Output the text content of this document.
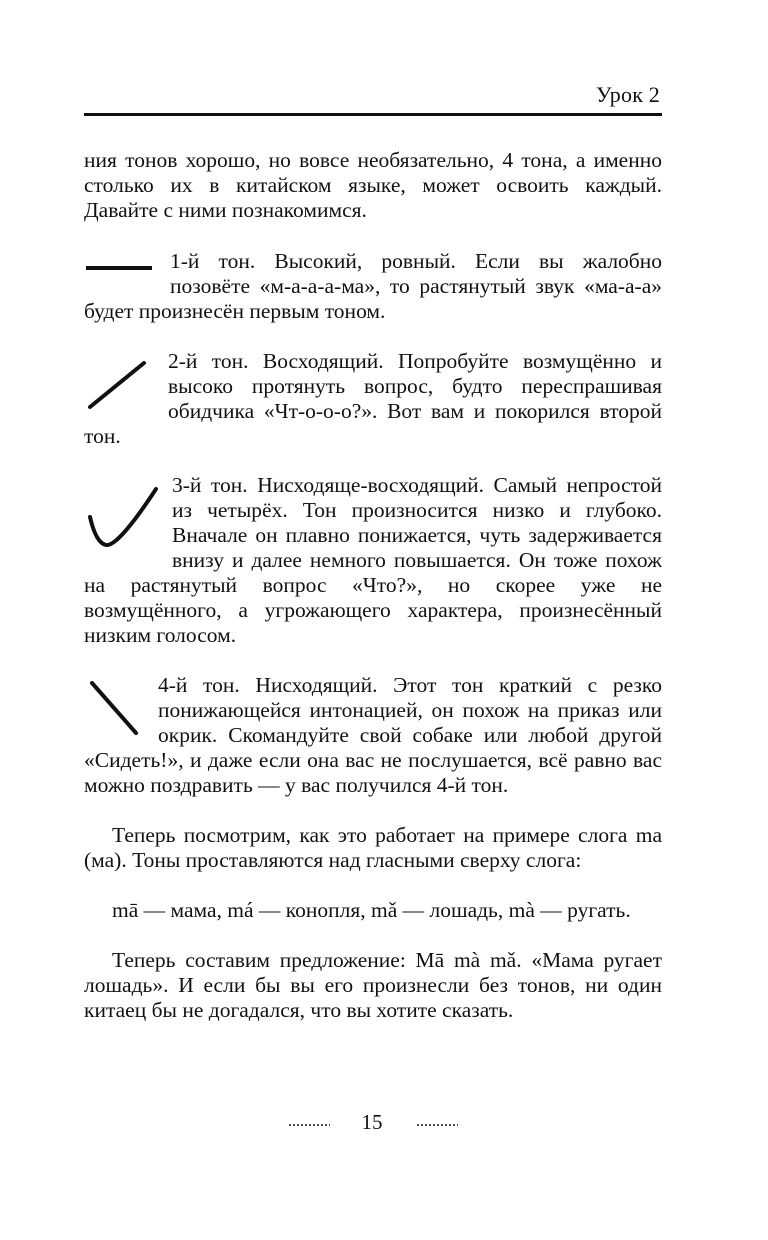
Урок 2

ния тонов хорошо, но вовсе необязательно, 4 тона, а именно столько их в китайском языке, может освоить каждый. Давайте с ними познакомимся.

1-й тон. Высокий, ровный. Если вы жалобно позовёте «м-а-а-а-ма», то растянутый звук «ма-а-а» будет произнесён первым тоном.

2-й тон. Восходящий. Попробуйте возмущённо и высоко протянуть вопрос, будто переспрашивая обидчика «Чт-о-о-о?». Вот вам и покорился второй тон.

3-й тон. Нисходяще-восходящий. Самый непростой из четырёх. Тон произносится низко и глубоко. Вначале он плавно понижается, чуть задерживается внизу и далее немного повышается. Он тоже похож на растянутый вопрос «Что?», но скорее уже не возмущённого, а угрожающего характера, произнесённый низким голосом.

4-й тон. Нисходящий. Этот тон краткий с резко понижающейся интонацией, он похож на приказ или окрик. Скомандуйте свой собаке или любой другой «Сидеть!», и даже если она вас не послушается, всё равно вас можно поздравить — у вас получился 4-й тон.

Теперь посмотрим, как это работает на примере слога ma (ма). Тоны проставляются над гласными сверху слога:

mā — мама, má — конопля, mǎ — лошадь, mà — ругать.

Теперь составим предложение: Mā mà mǎ. «Мама ругает лошадь». И если бы вы его произнесли без тонов, ни один китаец бы не догадался, что вы хотите сказать.

15
